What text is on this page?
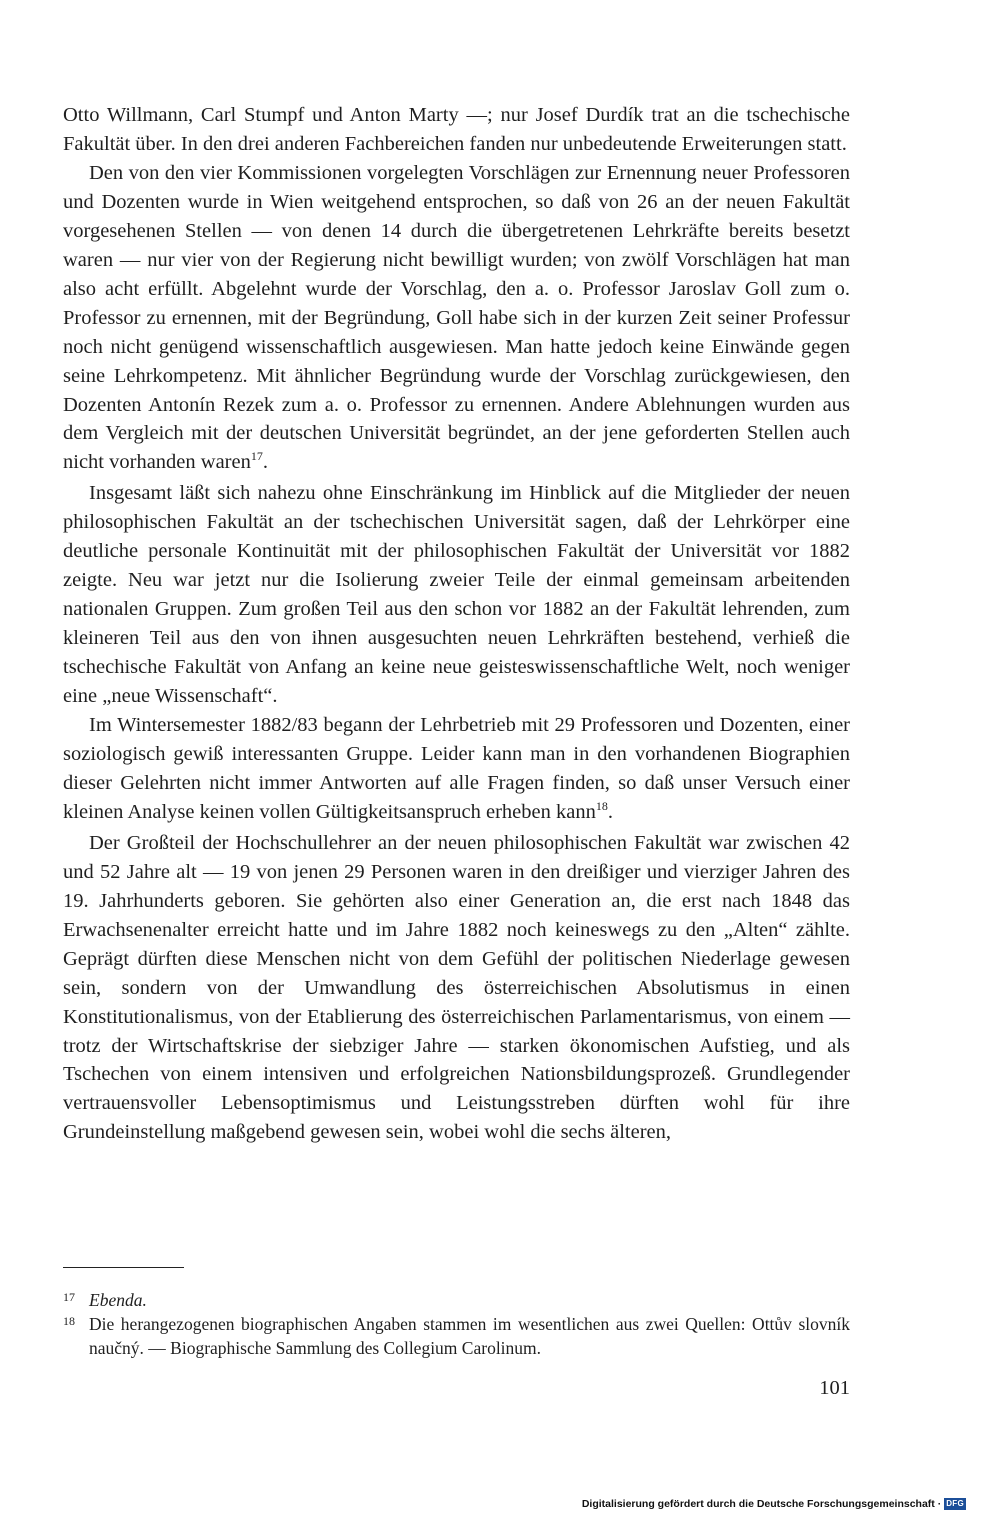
Otto Willmann, Carl Stumpf und Anton Marty —; nur Josef Durdík trat an die tschechische Fakultät über. In den drei anderen Fachbereichen fanden nur unbedeutende Erweiterungen statt.

Den von den vier Kommissionen vorgelegten Vorschlägen zur Ernennung neuer Professoren und Dozenten wurde in Wien weitgehend entsprochen, so daß von 26 an der neuen Fakultät vorgesehenen Stellen — von denen 14 durch die übergetretenen Lehrkräfte bereits besetzt waren — nur vier von der Regierung nicht bewilligt wurden; von zwölf Vorschlägen hat man also acht erfüllt. Abgelehnt wurde der Vorschlag, den a. o. Professor Jaroslav Goll zum o. Professor zu ernennen, mit der Begründung, Goll habe sich in der kurzen Zeit seiner Professur noch nicht genügend wissenschaftlich ausgewiesen. Man hatte jedoch keine Einwände gegen seine Lehrkompetenz. Mit ähnlicher Begründung wurde der Vorschlag zurückgewiesen, den Dozenten Antonín Rezek zum a. o. Professor zu ernennen. Andere Ablehnungen wurden aus dem Vergleich mit der deutschen Universität begründet, an der jene geforderten Stellen auch nicht vorhanden waren$^{17}$.

Insgesamt läßt sich nahezu ohne Einschränkung im Hinblick auf die Mitglieder der neuen philosophischen Fakultät an der tschechischen Universität sagen, daß der Lehrkörper eine deutliche personale Kontinuität mit der philosophischen Fakultät der Universität vor 1882 zeigte. Neu war jetzt nur die Isolierung zweier Teile der einmal gemeinsam arbeitenden nationalen Gruppen. Zum großen Teil aus den schon vor 1882 an der Fakultät lehrenden, zum kleineren Teil aus den von ihnen ausgesuchten neuen Lehrkräften bestehend, verhieß die tschechische Fakultät von Anfang an keine neue geisteswissenschaftliche Welt, noch weniger eine „neue Wissenschaft“.

Im Wintersemester 1882/83 begann der Lehrbetrieb mit 29 Professoren und Dozenten, einer soziologisch gewiß interessanten Gruppe. Leider kann man in den vorhandenen Biographien dieser Gelehrten nicht immer Antworten auf alle Fragen finden, so daß unser Versuch einer kleinen Analyse keinen vollen Gültigkeitsanspruch erheben kann$^{18}$.

Der Großteil der Hochschullehrer an der neuen philosophischen Fakultät war zwischen 42 und 52 Jahre alt — 19 von jenen 29 Personen waren in den dreißiger und vierziger Jahren des 19. Jahrhunderts geboren. Sie gehörten also einer Generation an, die erst nach 1848 das Erwachsenenalter erreicht hatte und im Jahre 1882 noch keineswegs zu den „Alten“ zählte. Geprägt dürften diese Menschen nicht von dem Gefühl der politischen Niederlage gewesen sein, sondern von der Umwandlung des österreichischen Absolutismus in einen Konstitutionalismus, von der Etablierung des österreichischen Parlamentarismus, von einem — trotz der Wirtschaftskrise der siebziger Jahre — starken ökonomischen Aufstieg, und als Tschechen von einem intensiven und erfolgreichen Nationsbildungsprozeß. Grundlegender vertrauensvoller Lebensoptimismus und Leistungsstreben dürften wohl für ihre Grundeinstellung maßgebend gewesen sein, wobei wohl die sechs älteren,

17 Ebenda.
18 Die herangezogenen biographischen Angaben stammen im wesentlichen aus zwei Quellen: Ottův slovník naučný. — Biographische Sammlung des Collegium Carolinum.
101
Digitalisierung gefördert durch die Deutsche Forschungsgemeinschaft · DFG
